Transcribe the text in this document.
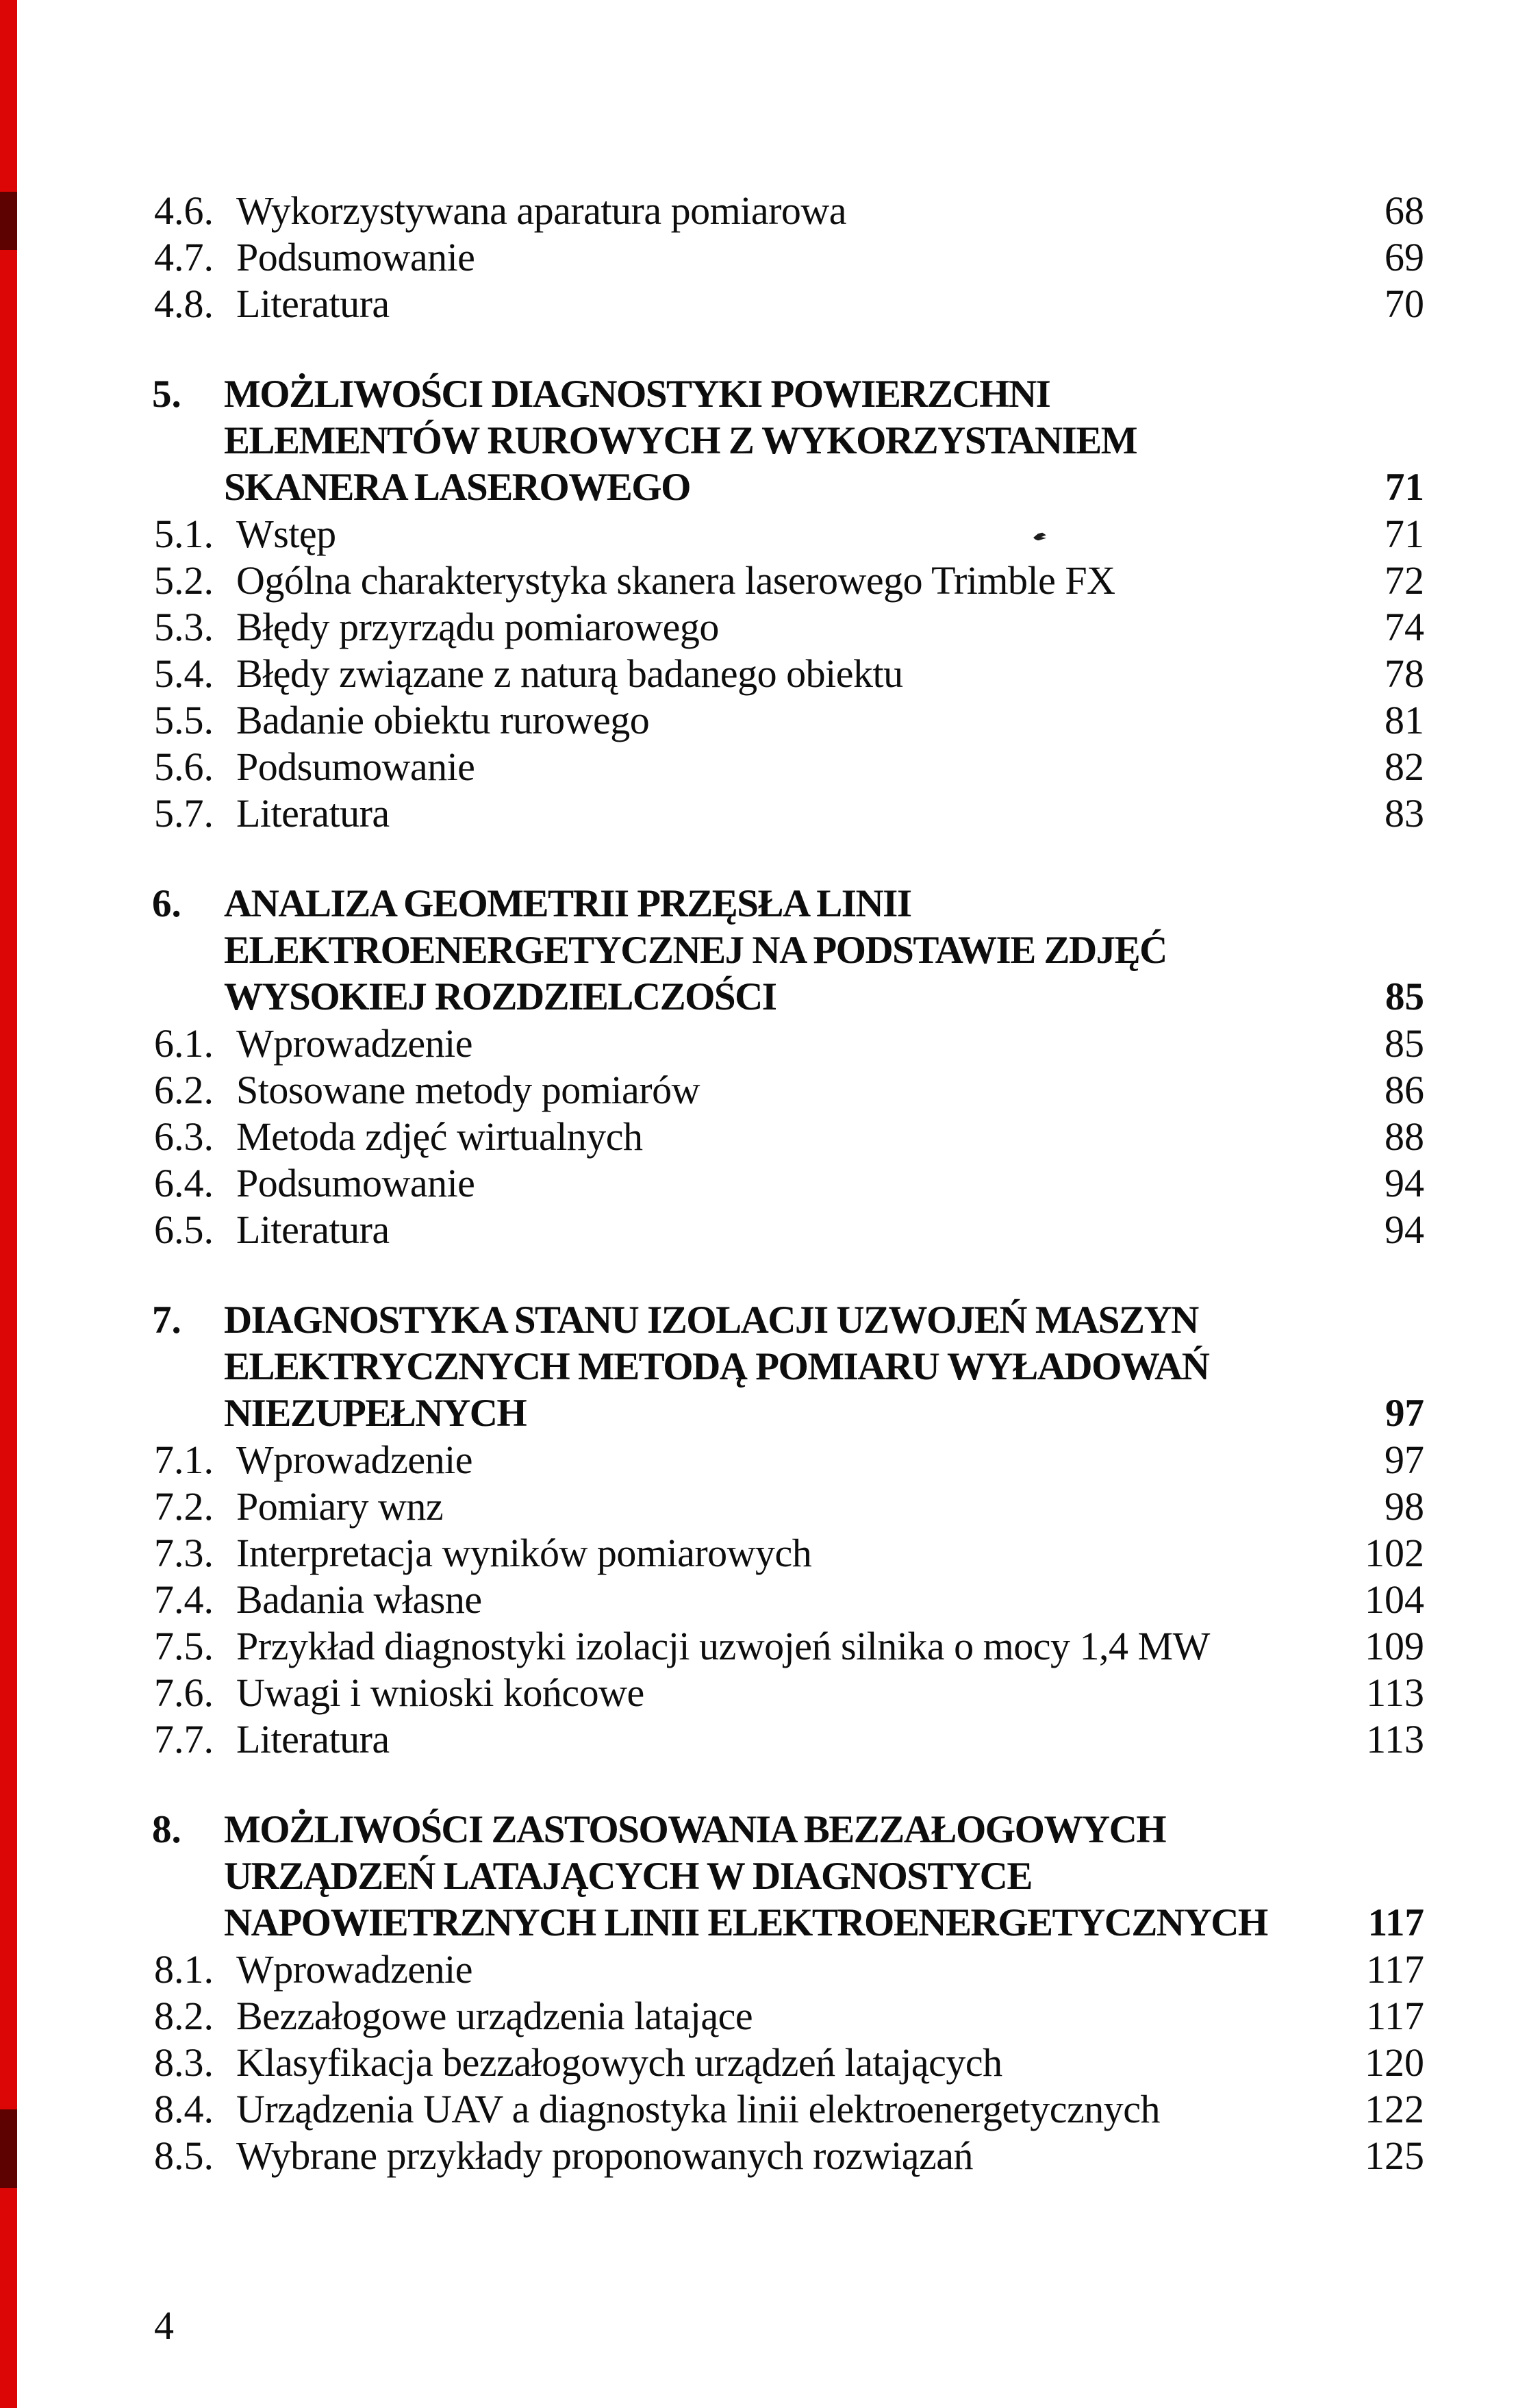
4.6. Wykorzystywana aparatura pomiarowa	68
4.7. Podsumowanie	69
4.8. Literatura	70
5. MOŻLIWOŚCI DIAGNOSTYKI POWIERZCHNI
ELEMENTÓW RUROWYCH Z WYKORZYSTANIEM
SKANERA LASEROWEGO	71
5.1. Wstęp	71
5.2. Ogólna charakterystyka skanera laserowego Trimble FX	72
5.3. Błędy przyrządu pomiarowego	74
5.4. Błędy związane z naturą badanego obiektu	78
5.5. Badanie obiektu rurowego	81
5.6. Podsumowanie	82
5.7. Literatura	83
6. ANALIZA GEOMETRII PRZĘSŁA LINII
ELEKTROENERGETYCZNEJ NA PODSTAWIE ZDJĘĆ
WYSOKIEJ ROZDZIELCZOŚCI	85
6.1. Wprowadzenie	85
6.2. Stosowane metody pomiarów	86
6.3. Metoda zdjęć wirtualnych	88
6.4. Podsumowanie	94
6.5. Literatura	94
7. DIAGNOSTYKA STANU IZOLACJI UZWOJEŃ MASZYN
ELEKTRYCZNYCH METODĄ POMIARU WYŁADOWAŃ
NIEZUPEŁNYCH	97
7.1. Wprowadzenie	97
7.2. Pomiary wnz	98
7.3. Interpretacja wyników pomiarowych	102
7.4. Badania własne	104
7.5. Przykład diagnostyki izolacji uzwojeń silnika o mocy 1,4 MW	109
7.6. Uwagi i wnioski końcowe	113
7.7. Literatura	113
8. MOŻLIWOŚCI ZASTOSOWANIA BEZZAŁOGOWYCH
URZĄDZEŃ LATAJĄCYCH W DIAGNOSTYCE
NAPOWIETRZNYCH LINII ELEKTROENERGETYCZNYCH	117
8.1. Wprowadzenie	117
8.2. Bezzałogowe urządzenia latające	117
8.3. Klasyfikacja bezzałogowych urządzeń latających	120
8.4. Urządzenia UAV a diagnostyka linii elektroenergetycznych	122
8.5. Wybrane przykłady proponowanych rozwiązań	125
4
